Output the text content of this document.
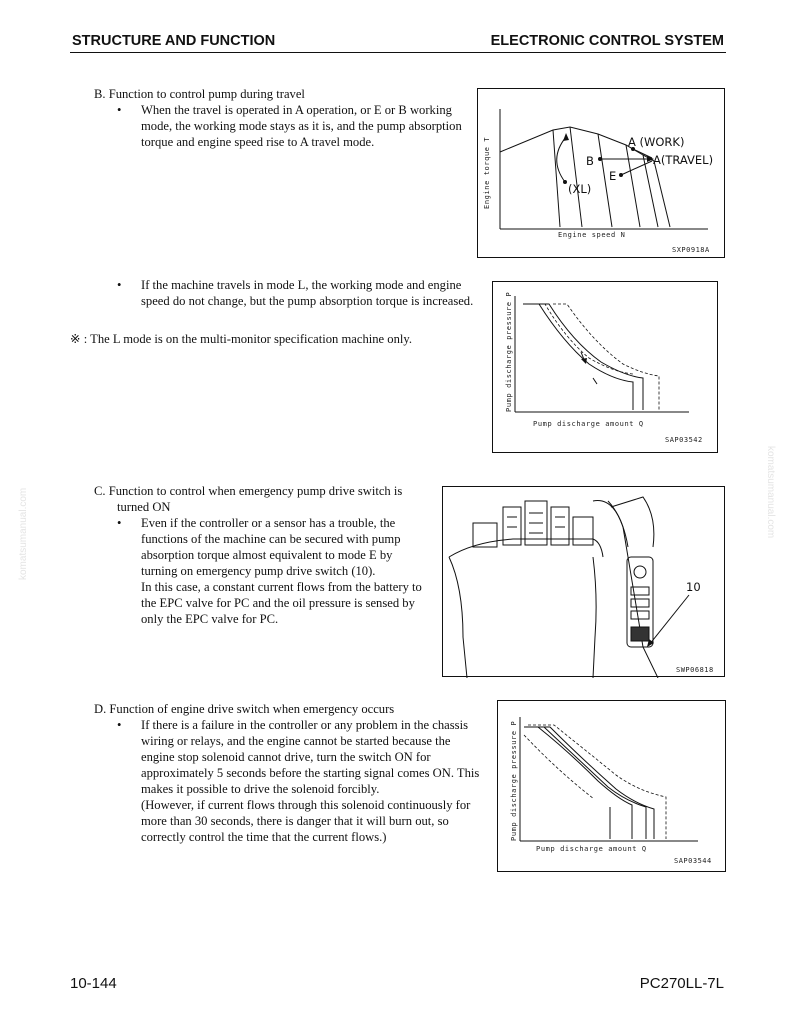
STRUCTURE AND FUNCTION	ELECTRONIC CONTROL SYSTEM
komatsumanual.com	komatsumanual.com
B. Function to control pump during travel
• When the travel is operated in A operation, or E or B working
mode, the working mode stays as it is, and the pump absorption
torque and engine speed rise to A travel mode.
• If the machine travels in mode L, the working mode and engine
speed do not change, but the pump absorption torque is increased.
※ : The L mode is on the multi-monitor specification machine only.
Engine torque T
Engine speed N
A (WORK)
A(TRAVEL)
B
E
(XL)
SXP0918A
Pump discharge pressure P
Pump discharge amount Q
SAP03542
C. Function to control when emergency pump drive switch is
turned ON
• Even if the controller or a sensor has a trouble, the
functions of the machine can be secured with pump
absorption torque almost equivalent to mode E by
turning on emergency pump drive switch (10).
In this case, a constant current flows from the battery to
the EPC valve for PC and the oil pressure is sensed by
only the EPC valve for PC.
10
SWP06818
D. Function of engine drive switch when emergency occurs
• If there is a failure in the controller or any problem in the chassis
wiring or relays, and the engine cannot be started because the
engine stop solenoid cannot drive, turn the switch ON for
approximately 5 seconds before the starting signal comes ON. This
makes it possible to drive the solenoid forcibly.
(However, if current flows through this solenoid continuously for
more than 30 seconds, there is danger that it will burn out, so
correctly control the time that the current flows.)	Pump discharge pressure P
Pump discharge amount Q
SAP03544
10-144	PC270LL-7L
